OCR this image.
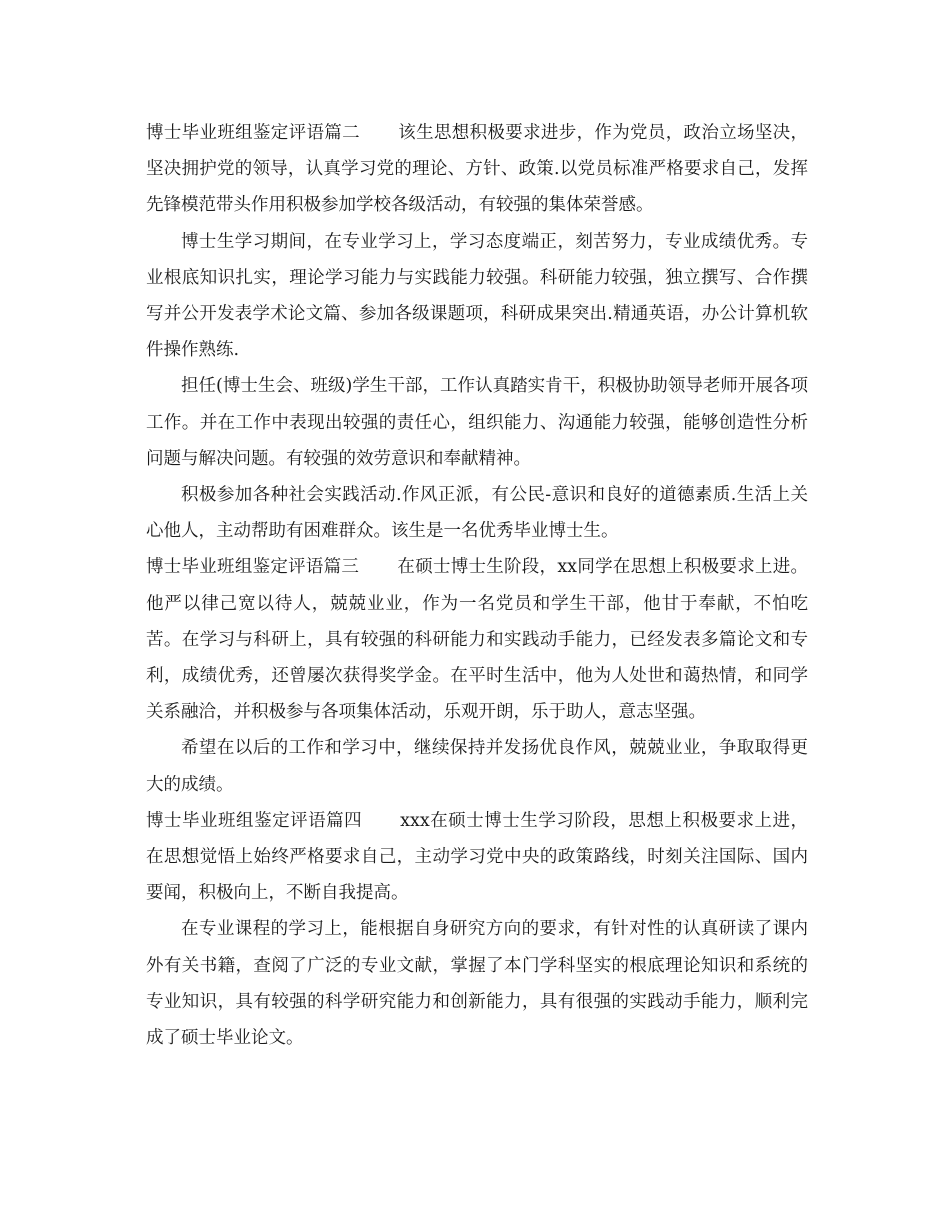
博士毕业班组鉴定评语篇二 该生思想积极要求进步，作为党员，政治立场坚决，坚决拥护党的领导，认真学习党的理论、方针、政策.以党员标准严格要求自己，发挥先锋模范带头作用积极参加学校各级活动，有较强的集体荣誉感。

博士生学习期间，在专业学习上，学习态度端正，刻苦努力，专业成绩优秀。专业根底知识扎实，理论学习能力与实践能力较强。科研能力较强，独立撰写、合作撰写并公开发表学术论文篇、参加各级课题项，科研成果突出.精通英语，办公计算机软件操作熟练.

担任(博士生会、班级)学生干部，工作认真踏实肯干，积极协助领导老师开展各项工作。并在工作中表现出较强的责任心，组织能力、沟通能力较强，能够创造性分析问题与解决问题。有较强的效劳意识和奉献精神。

积极参加各种社会实践活动.作风正派，有公民-意识和良好的道德素质.生活上关心他人，主动帮助有困难群众。该生是一名优秀毕业博士生。

博士毕业班组鉴定评语篇三 在硕士博士生阶段，xx同学在思想上积极要求上进。他严以律己宽以待人，兢兢业业，作为一名党员和学生干部，他甘于奉献，不怕吃苦。在学习与科研上，具有较强的科研能力和实践动手能力，已经发表多篇论文和专利，成绩优秀，还曾屡次获得奖学金。在平时生活中，他为人处世和蔼热情，和同学关系融洽，并积极参与各项集体活动，乐观开朗，乐于助人，意志坚强。

希望在以后的工作和学习中，继续保持并发扬优良作风，兢兢业业，争取取得更大的成绩。

博士毕业班组鉴定评语篇四 xxx在硕士博士生学习阶段，思想上积极要求上进，在思想觉悟上始终严格要求自己，主动学习党中央的政策路线，时刻关注国际、国内要闻，积极向上，不断自我提高。

在专业课程的学习上，能根据自身研究方向的要求，有针对性的认真研读了课内外有关书籍，查阅了广泛的专业文献，掌握了本门学科坚实的根底理论知识和系统的专业知识，具有较强的科学研究能力和创新能力，具有很强的实践动手能力，顺利完成了硕士毕业论文。
